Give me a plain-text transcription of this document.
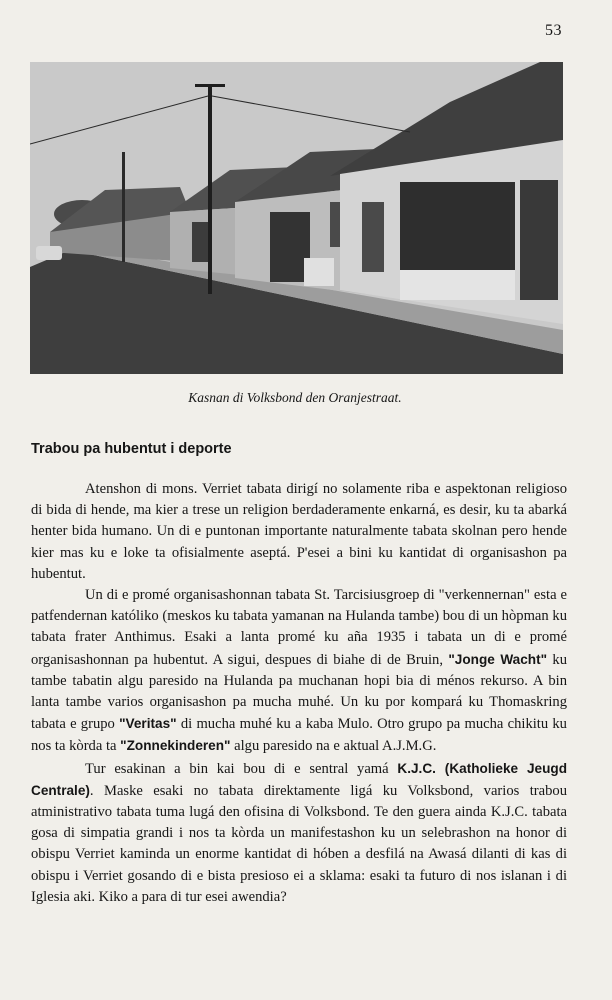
53
Kasnan di Volksbond den Oranjestraat.
Trabou pa hubentut i deporte

Atenshon di mons. Verriet tabata dirigí no solamente riba e aspektonan religioso di bida di hende, ma kier a trese un religion berdaderamente enkarná, es desir, ku ta abarká henter bida humano. Un di e puntonan importante naturalmente tabata skolnan pero hende kier mas ku e loke ta ofisialmente aseptá. P'esei a bini ku kantidat di organisashon pa hubentut.

Un di e promé organisashonnan tabata St. Tarcisiusgroep di "verkennernan" esta e patfendernan katóliko (meskos ku tabata yamanan na Hulanda tambe) bou di un hòpman ku tabata frater Anthimus. Esaki a lanta promé ku aña 1935 i tabata un di e promé organisashonnan pa hubentut. A sigui, despues di biahe di de Bruin, "Jonge Wacht" ku tambe tabatin algu paresido na Hulanda pa muchanan hopi bia di ménos rekurso. A bin lanta tambe varios organisashon pa mucha muhé. Un ku por kompará ku Thomaskring tabata e grupo "Veritas" di mucha muhé ku a kaba Mulo. Otro grupo pa mucha chikitu ku nos ta kòrda ta "Zonnekinderen" algu paresido na e aktual A.J.M.G.

Tur esakinan a bin kai bou di e sentral yamá K.J.C. (Katholieke Jeugd Centrale). Maske esaki no tabata direktamente ligá ku Volksbond, varios trabou atministrativo tabata tuma lugá den ofisina di Volksbond. Te den guera ainda K.J.C. tabata gosa di simpatia grandi i nos ta kòrda un manifestashon ku un selebrashon na honor di obispu Verriet kaminda un enorme kantidat di hóben a desfilá na Awasá dilanti di kas di obispu i Verriet gosando di e bista presioso ei a sklama: esaki ta futuro di nos islanan i di Iglesia aki. Kiko a para di tur esei awendia?
